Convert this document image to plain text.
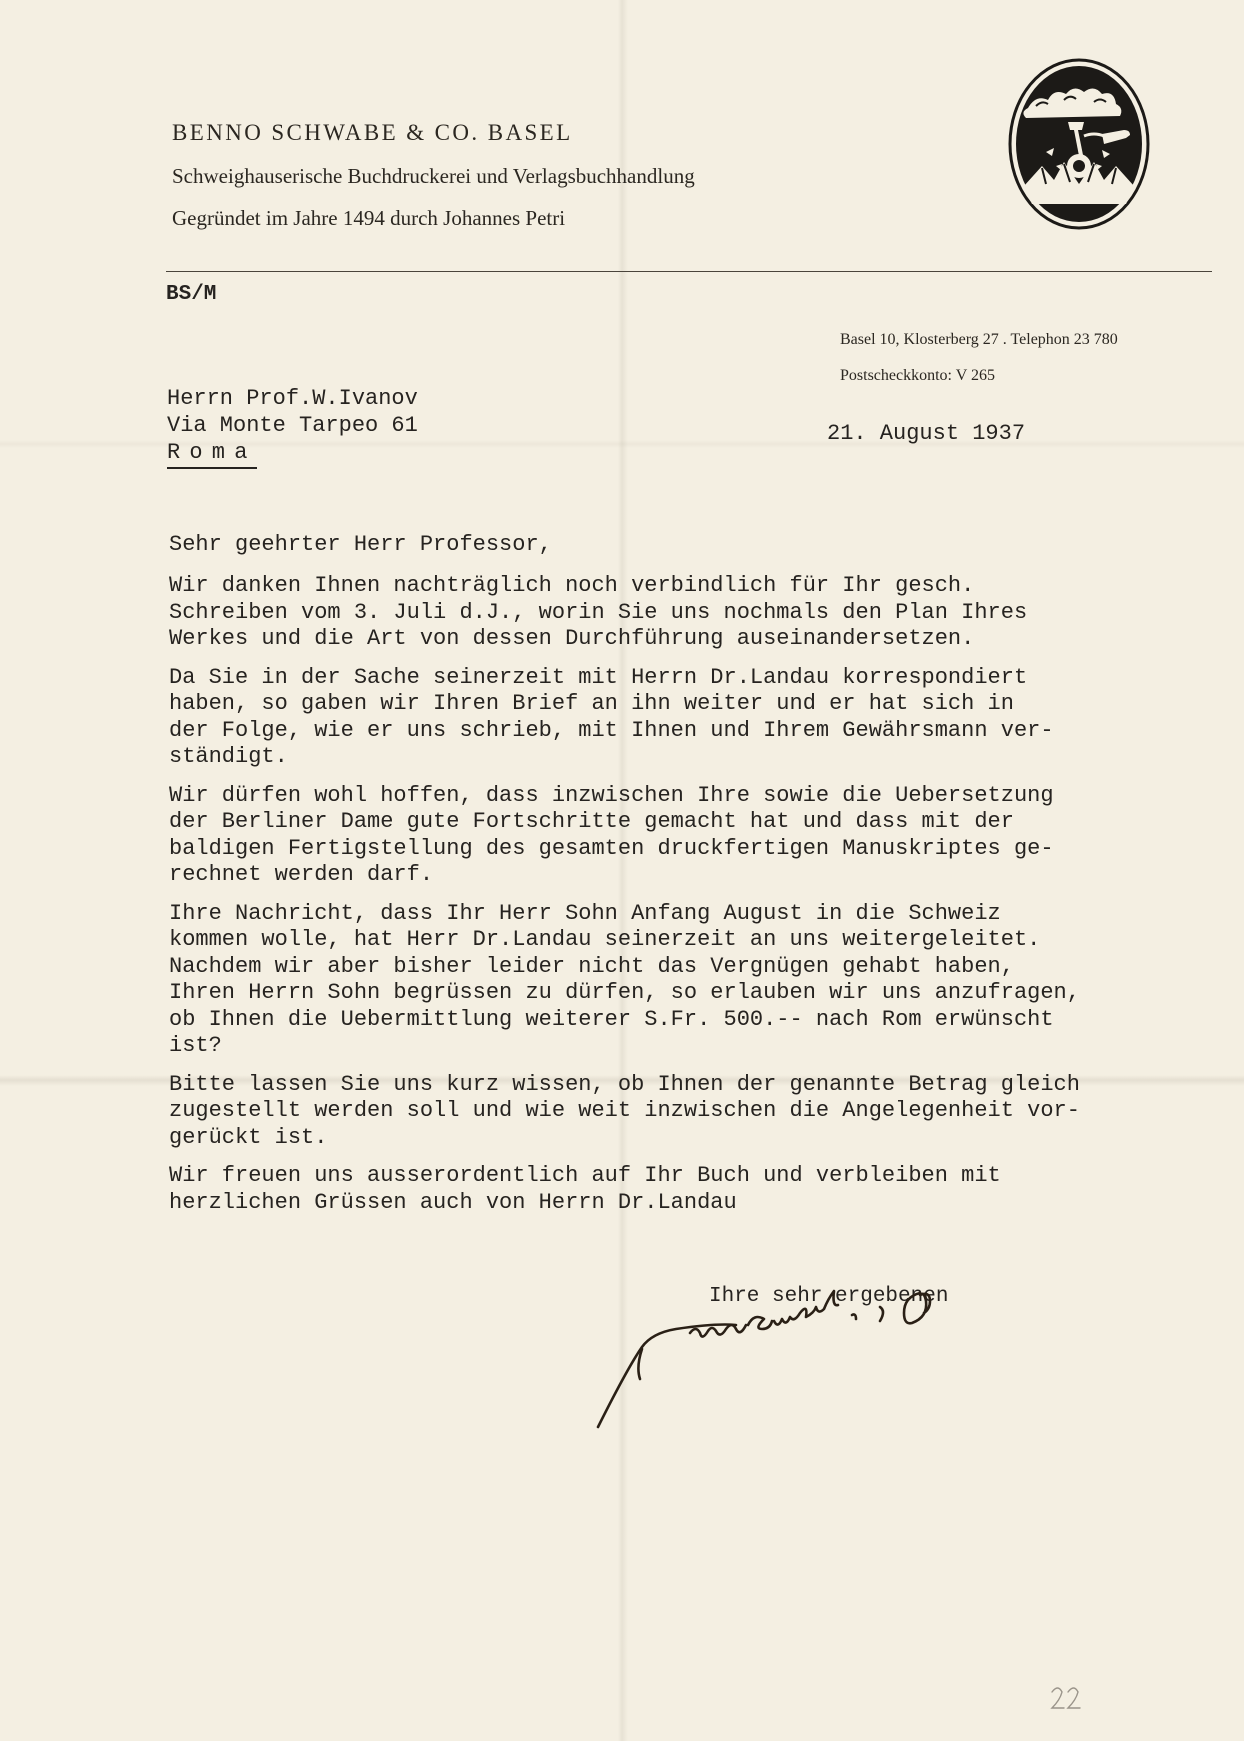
BENNO SCHWABE & CO. BASEL
Schweighauserische Buchdruckerei und Verlagsbuchhandlung
Gegründet im Jahre 1494 durch Johannes Petri
BS/M
Basel 10, Klosterberg 27 . Telephon 23 780
Postscheckkonto: V 265
Herrn Prof.W.Ivanov
Via Monte Tarpeo 61
Roma
21. August 1937
Sehr geehrter Herr Professor,
Wir danken Ihnen nachträglich noch verbindlich für Ihr gesch.
Schreiben vom 3. Juli d.J., worin Sie uns nochmals den Plan Ihres
Werkes und die Art von dessen Durchführung auseinandersetzen.
Da Sie in der Sache seinerzeit mit Herrn Dr.Landau korrespondiert
haben, so gaben wir Ihren Brief an ihn weiter und er hat sich in
der Folge, wie er uns schrieb, mit Ihnen und Ihrem Gewährsmann ver-
ständigt.
Wir dürfen wohl hoffen, dass inzwischen Ihre sowie die Uebersetzung
der Berliner Dame gute Fortschritte gemacht hat und dass mit der
baldigen Fertigstellung des gesamten druckfertigen Manuskriptes ge-
rechnet werden darf.
Ihre Nachricht, dass Ihr Herr Sohn Anfang August in die Schweiz
kommen wolle, hat Herr Dr.Landau seinerzeit an uns weitergeleitet.
Nachdem wir aber bisher leider nicht das Vergnügen gehabt haben,
Ihren Herrn Sohn begrüssen zu dürfen, so erlauben wir uns anzufragen,
ob Ihnen die Uebermittlung weiterer S.Fr. 500.-- nach Rom erwünscht
ist?
Bitte lassen Sie uns kurz wissen, ob Ihnen der genannte Betrag gleich
zugestellt werden soll und wie weit inzwischen die Angelegenheit vor-
gerückt ist.
Wir freuen uns ausserordentlich auf Ihr Buch und verbleiben mit
herzlichen Grüssen auch von Herrn Dr.Landau
Ihre sehr ergebenen
